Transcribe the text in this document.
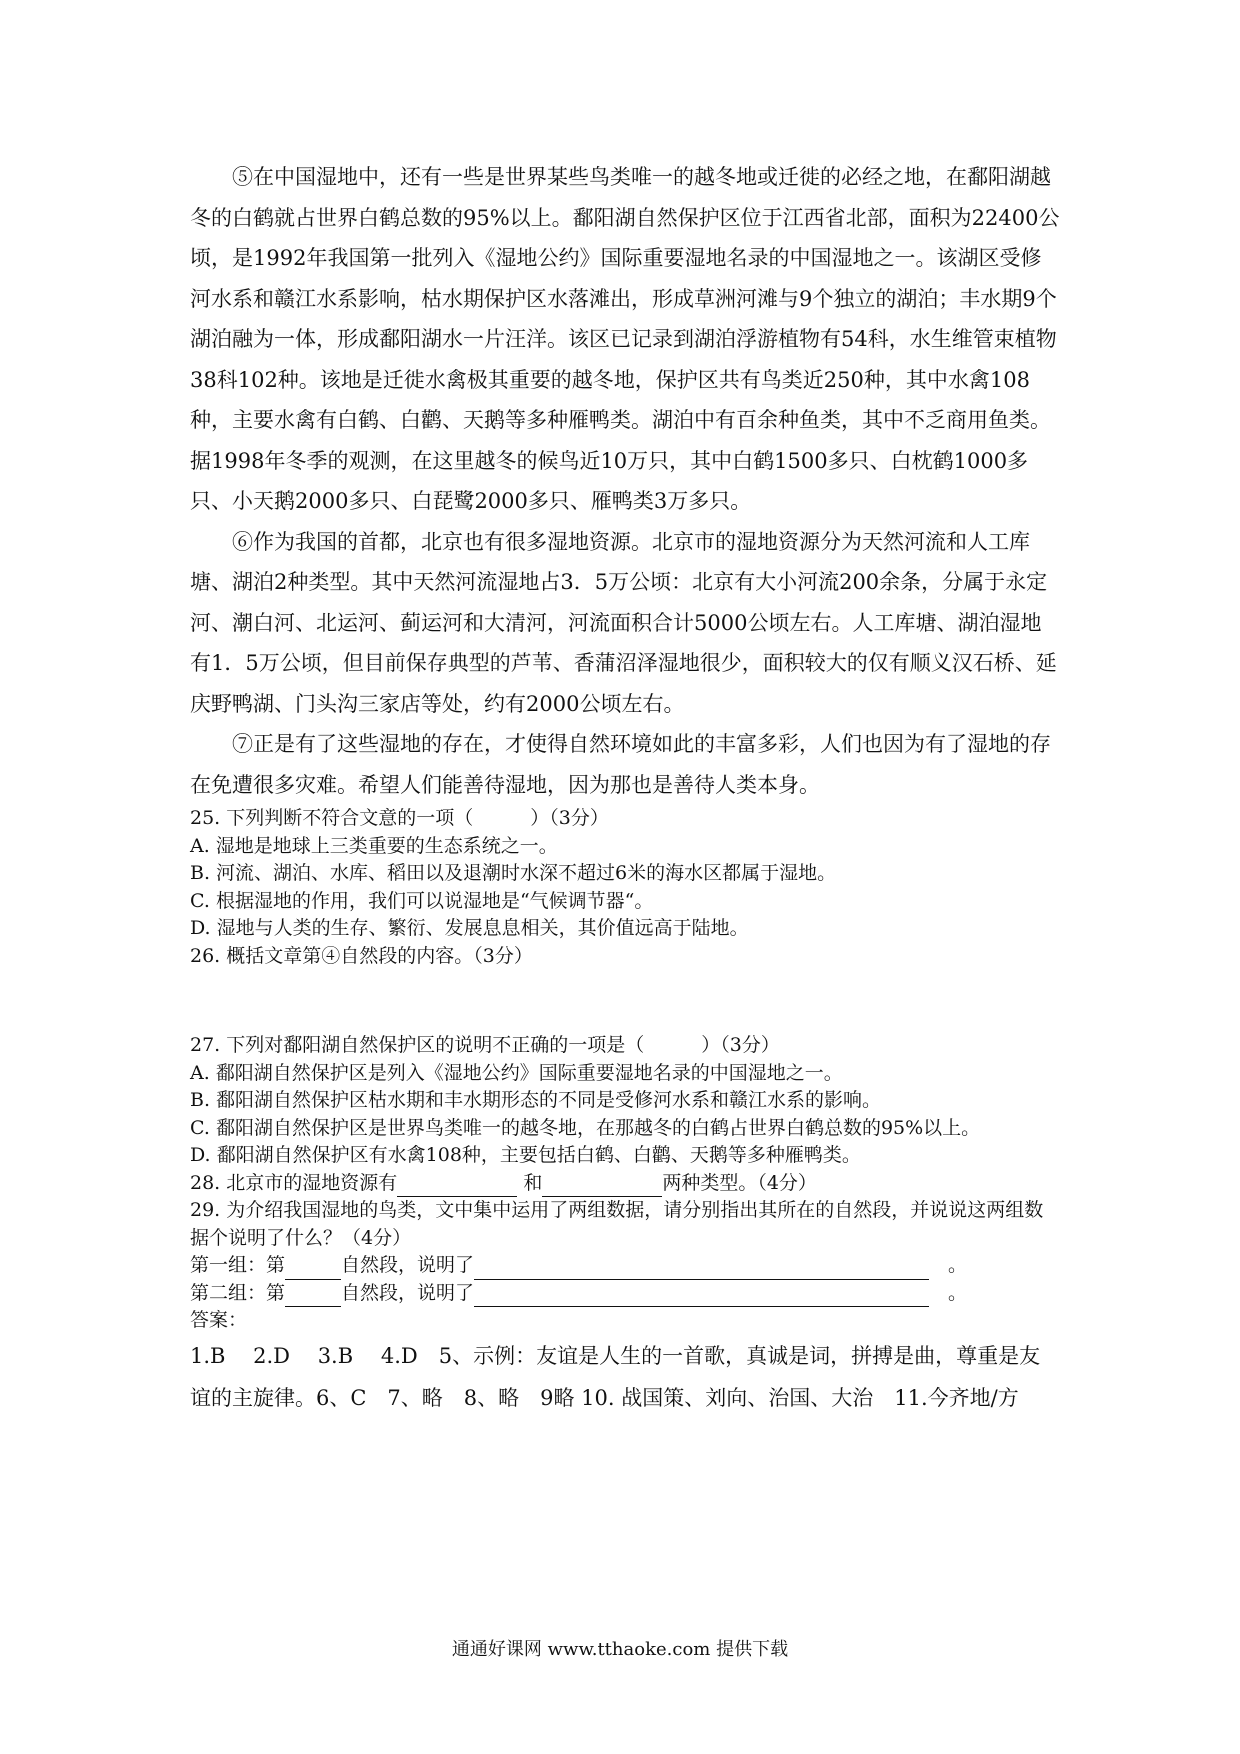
⑤在中国湿地中，还有一些是世界某些鸟类唯一的越冬地或迁徙的必经之地，在鄱阳湖越冬的白鹤就占世界白鹤总数的95%以上。鄱阳湖自然保护区位于江西省北部，面积为22400公顷，是1992年我国第一批列入《湿地公约》国际重要湿地名录的中国湿地之一。该湖区受修河水系和赣江水系影响，枯水期保护区水落滩出，形成草洲河滩与9个独立的湖泊；丰水期9个湖泊融为一体，形成鄱阳湖水一片汪洋。该区已记录到湖泊浮游植物有54科，水生维管束植物38科102种。该地是迁徙水禽极其重要的越冬地，保护区共有鸟类近250种，其中水禽108种，主要水禽有白鹤、白鹳、天鹅等多种雁鸭类。湖泊中有百余种鱼类，其中不乏商用鱼类。据1998年冬季的观测，在这里越冬的候鸟近10万只，其中白鹤1500多只、白枕鹤1000多只、小天鹅2000多只、白琵鹭2000多只、雁鸭类3万多只。

⑥作为我国的首都，北京也有很多湿地资源。北京市的湿地资源分为天然河流和人工库塘、湖泊2种类型。其中天然河流湿地占3．5万公顷：北京有大小河流200余条，分属于永定河、潮白河、北运河、蓟运河和大清河，河流面积合计5000公顷左右。人工库塘、湖泊湿地有1．5万公顷，但目前保存典型的芦苇、香蒲沼泽湿地很少，面积较大的仅有顺义汉石桥、延庆野鸭湖、门头沟三家店等处，约有2000公顷左右。

⑦正是有了这些湿地的存在，才使得自然环境如此的丰富多彩，人们也因为有了湿地的存在免遭很多灾难。希望人们能善待湿地，因为那也是善待人类本身。

25. 下列判断不符合文意的一项（　　　）（3分）

A. 湿地是地球上三类重要的生态系统之一。

B. 河流、湖泊、水库、稻田以及退潮时水深不超过6米的海水区都属于湿地。

C. 根据湿地的作用，我们可以说湿地是“气候调节器“。

D. 湿地与人类的生存、繁衍、发展息息相关，其价值远高于陆地。

26. 概括文章第④自然段的内容。（3分）

27. 下列对鄱阳湖自然保护区的说明不正确的一项是（　　　）（3分）

A. 鄱阳湖自然保护区是列入《湿地公约》国际重要湿地名录的中国湿地之一。

B. 鄱阳湖自然保护区枯水期和丰水期形态的不同是受修河水系和赣江水系的影响。

C. 鄱阳湖自然保护区是世界鸟类唯一的越冬地，在那越冬的白鹤占世界白鹤总数的95%以上。

D. 鄱阳湖自然保护区有水禽108种，主要包括白鹤、白鹳、天鹅等多种雁鸭类。

28. 北京市的湿地资源有	和	两种类型。（4分）

29. 为介绍我国湿地的鸟类，文中集中运用了两组数据，请分别指出其所在的自然段，并说说这两组数据个说明了什么？（4分）

第一组：第	自然段，说明了　	。

第二组：第	自然段，说明了　	。

答案：

1.B　 2.D　 3.B　 4.D　5、示例：友谊是人生的一首歌，真诚是词，拼搏是曲，尊重是友谊的主旋律。6、C　7、略　8、略　9略 10. 战国策、刘向、治国、大治　11.今齐地/方

通通好课网 www.tthaoke.com 提供下载
